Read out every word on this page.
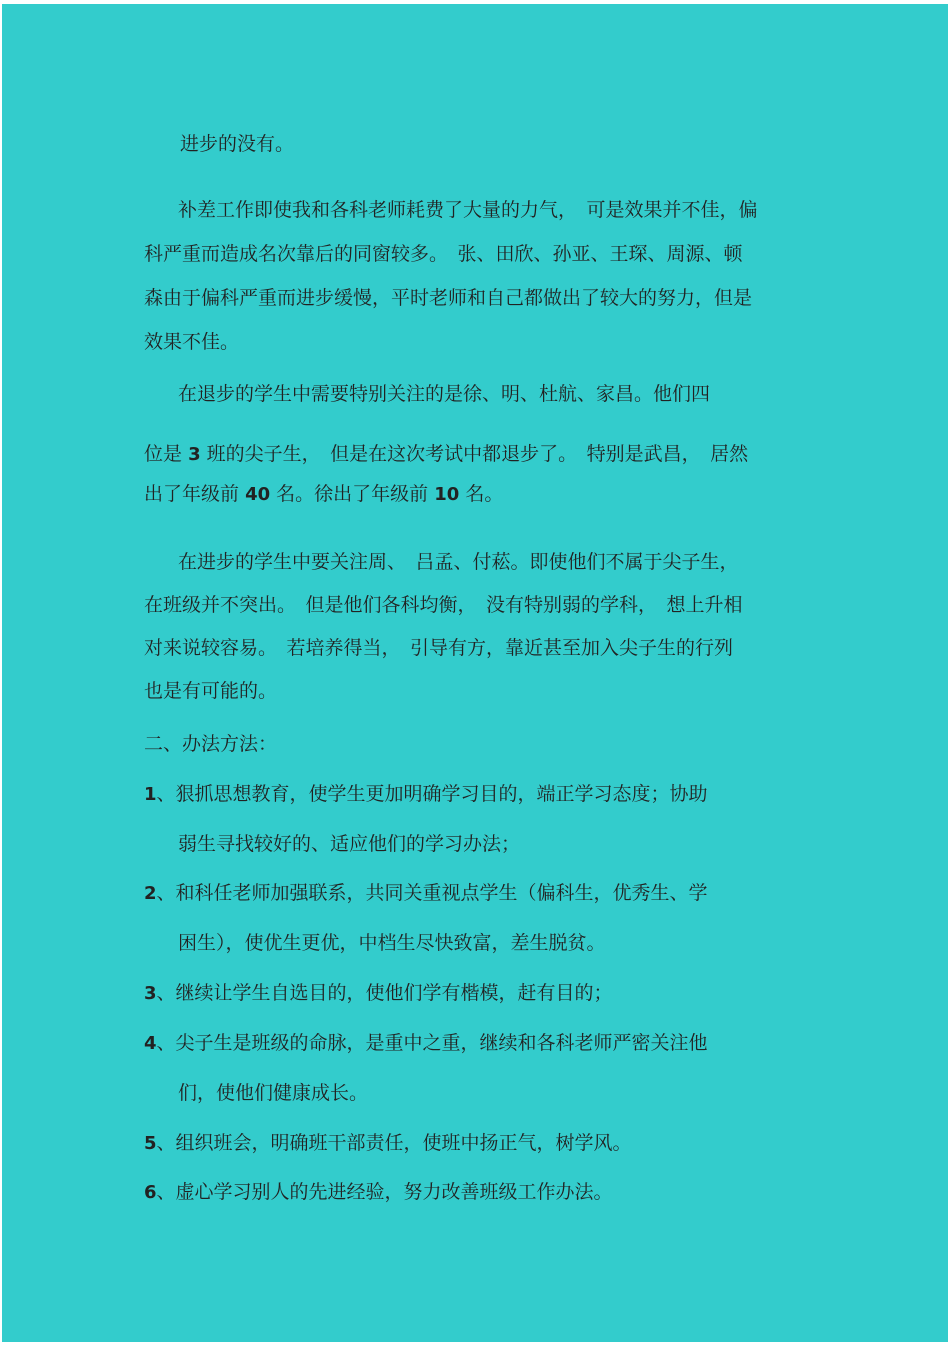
进步的没有。
补差工作即使我和各科老师耗费了大量的力气，　可是效果并不佳，偏
科严重而造成名次靠后的同窗较多。　张、田欣、孙亚、王琛、周源、顿
森由于偏科严重而进步缓慢，平时老师和自己都做出了较大的努力，但是
效果不佳。
在退步的学生中需要特别关注的是徐、明、杜航、家昌。他们四
位是 3 班的尖子生，　但是在这次考试中都退步了。　特别是武昌，　居然
出了年级前 40 名。徐出了年级前 10 名。
在进步的学生中要关注周、　吕孟、付菘。即使他们不属于尖子生，
在班级并不突出。　但是他们各科均衡，　没有特别弱的学科，　想上升相
对来说较容易。　若培养得当，　引导有方，靠近甚至加入尖子生的行列
也是有可能的。
二、办法方法：
1、狠抓思想教育，使学生更加明确学习目的，端正学习态度；协助
弱生寻找较好的、适应他们的学习办法；
2、和科任老师加强联系，共同关重视点学生（偏科生，优秀生、学
困生），使优生更优，中档生尽快致富，差生脱贫。
3、继续让学生自选目的，使他们学有楷模，赶有目的；
4、尖子生是班级的命脉，是重中之重，继续和各科老师严密关注他
们，使他们健康成长。
5、组织班会，明确班干部责任，使班中扬正气，树学风。
6、虚心学习别人的先进经验，努力改善班级工作办法。
